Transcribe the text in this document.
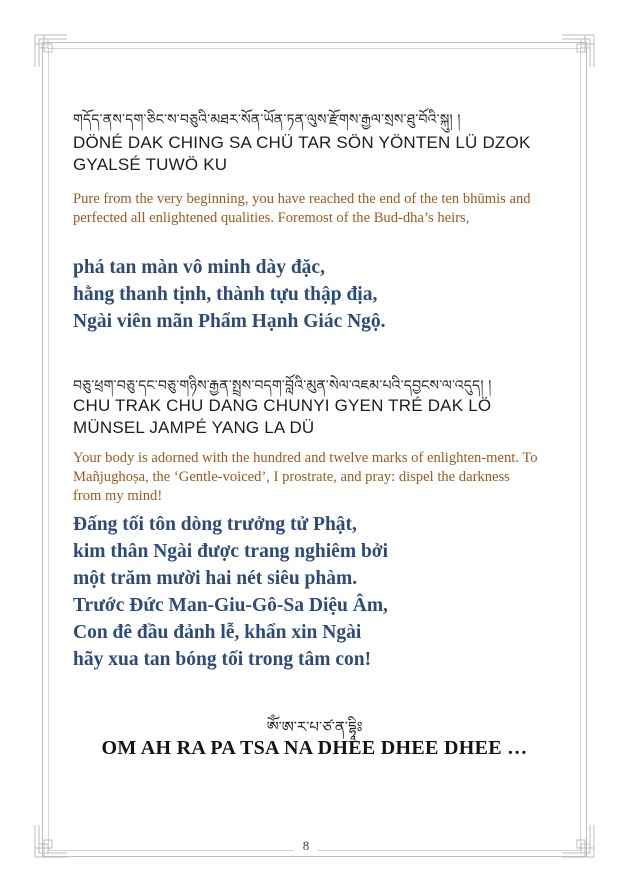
གདོད་ནས་དག་ཅིང་ས་བཅུའི་མཐར་སོན་ཡོན་ཏན་ལུས་རྫོགས་རྒྱལ་སྲས་ཐུ་བོའི་སྐུ། །
DÖNÉ DAK CHING SA CHÜ TAR SÖN YÖNTEN LÜ DZOK GYALSÉ TUWÖ KU
Pure from the very beginning, you have reached the end of the ten bhūmis and perfected all enlightened qualities. Foremost of the Bud-dha’s heirs,
phá tan màn vô minh dày đặc,
hằng thanh tịnh, thành tựu thập địa,
Ngài viên mãn Phẩm Hạnh Giác Ngộ.
བཅུ་ཕྲག་བཅུ་དང་བཅུ་གཉིས་རྒྱན་སྤྲས་བདག་བློའི་མུན་སེལ་འཇམ་པའི་དབྱངས་ལ་འདུད། །
CHU TRAK CHU DANG CHUNYI GYEN TRÉ DAK LÖ MÜNSEL JAMPÉ YANG LA DÜ
Your body is adorned with the hundred and twelve marks of enlighten-ment. To Mañjughoṣa, the ‘Gentle-voiced’, I prostrate, and pray: dispel the darkness from my mind!
Đấng tối tôn dòng trưởng tử Phật,
kim thân Ngài được trang nghiêm bởi
một trăm mười hai nét siêu phàm.
Trước Đức Man-Giu-Gô-Sa Diệu Âm,
Con đê đầu đảnh lễ, khẩn xin Ngài
hãy xua tan bóng tối trong tâm con!
ཨོཾ་ཨ་ར་པ་ཙ་ན་དྷཱིཿ
OM AH RA PA TSA NA DHEE DHEE DHEE …
8
